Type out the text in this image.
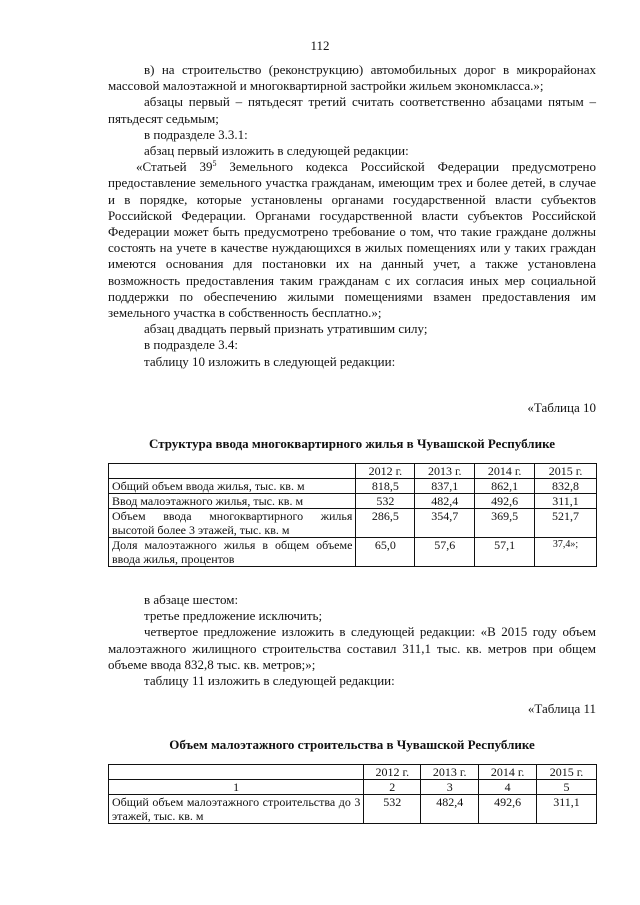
112

в) на строительство (реконструкцию) автомобильных дорог в микрорайонах массовой малоэтажной и многоквартирной застройки жильем экономкласса.»;

абзацы первый – пятьдесят третий считать соответственно абзацами пятым – пятьдесят седьмым;

в подразделе 3.3.1:

абзац первый изложить в следующей редакции:

«Статьей $39^5$ Земельного кодекса Российской Федерации предусмотрено предоставление земельного участка гражданам, имеющим трех и более детей, в случае и в порядке, которые установлены органами государственной власти субъектов Российской Федерации. Органами государственной власти субъектов Российской Федерации может быть предусмотрено требование о том, что такие граждане должны состоять на учете в качестве нуждающихся в жилых помещениях или у таких граждан имеются основания для постановки их на данный учет, а также установлена возможность предоставления таким гражданам с их согласия иных мер социальной поддержки по обеспечению жилыми помещениями взамен предоставления им земельного участка в собственность бесплатно.»;

абзац двадцать первый признать утратившим силу;

в подразделе 3.4:

таблицу 10 изложить в следующей редакции:

«Таблица 10
Структура ввода многоквартирного жилья в Чувашской Республике
	2012 г.	2013 г.	2014 г.	2015 г.
Общий объем ввода жилья, тыс. кв. м	818,5	837,1	862,1	832,8
Ввод малоэтажного жилья, тыс. кв. м	532	482,4	492,6	311,1
Объем ввода многоквартирного жилья высотой более 3 этажей, тыс. кв. м	286,5	354,7	369,5	521,7
Доля малоэтажного жилья в общем объеме ввода жилья, процентов	65,0	57,6	57,1	37,4»;

в абзаце шестом:

третье предложение исключить;

четвертое предложение изложить в следующей редакции: «В 2015 году объем малоэтажного жилищного строительства составил 311,1 тыс. кв. метров при общем объеме ввода 832,8 тыс. кв. метров;»;

таблицу 11 изложить в следующей редакции:

«Таблица 11
Объем малоэтажного строительства в Чувашской Республике
	2012 г.	2013 г.	2014 г.	2015 г.
1	2	3	4	5
Общий объем малоэтажного строительства до 3 этажей, тыс. кв. м	532	482,4	492,6	311,1
